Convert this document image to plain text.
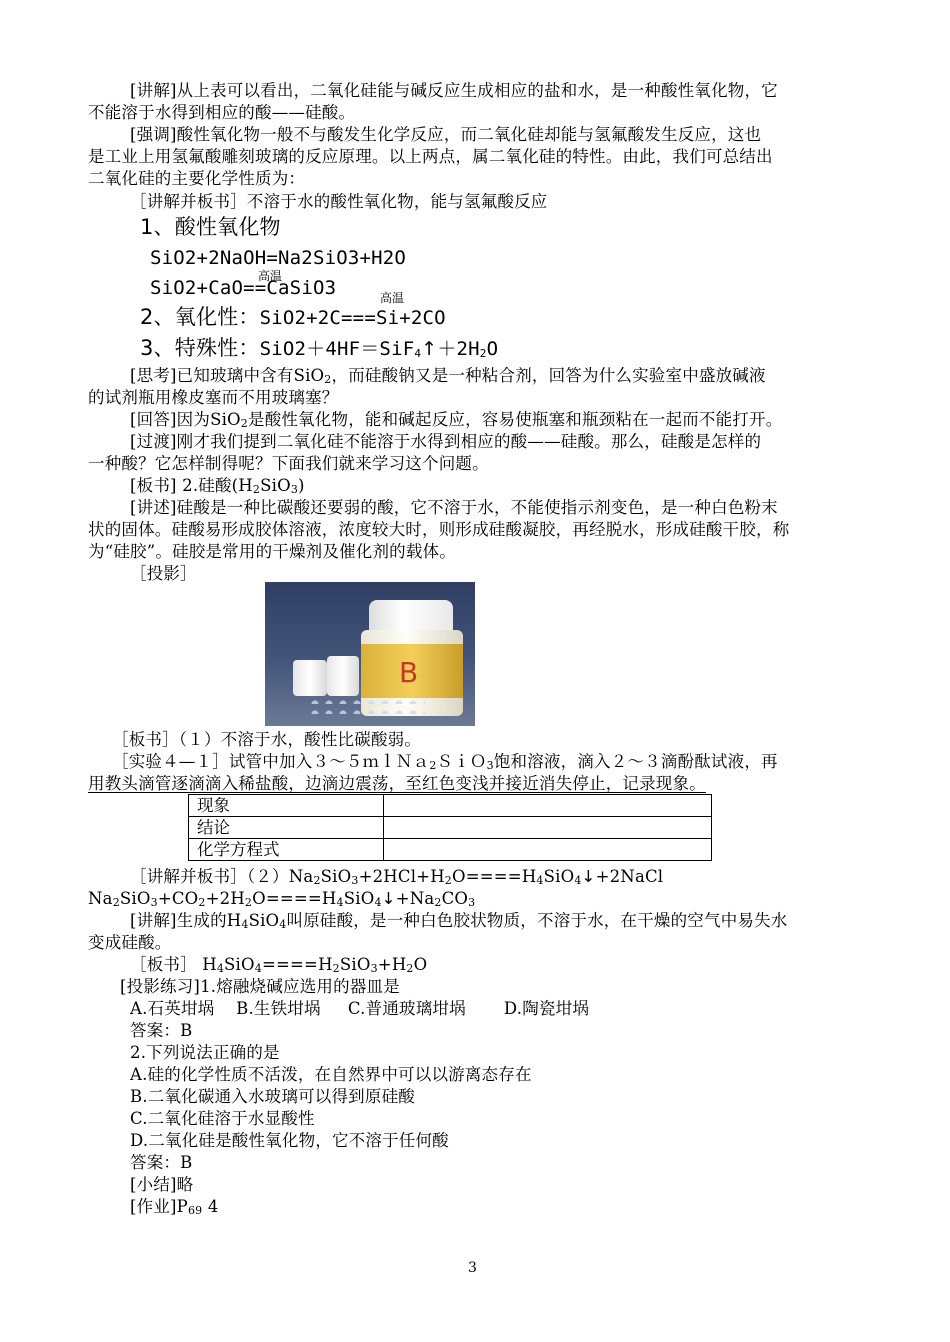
[讲解]从上表可以看出，二氧化硅能与碱反应生成相应的盐和水，是一种酸性氧化物，它
不能溶于水得到相应的酸——硅酸。
[强调]酸性氧化物一般不与酸发生化学反应，而二氧化硅却能与氢氟酸发生反应，这也
是工业上用氢氟酸雕刻玻璃的反应原理。以上两点，属二氧化硅的特性。由此，我们可总结出
二氧化硅的主要化学性质为：
［讲解并板书］不溶于水的酸性氧化物，能与氢氟酸反应
1、酸性氧化物
SiO2+2NaOH=Na2SiO3+H2O
高温
SiO2+CaO==CaSiO3	高温
2、氧化性：SiO2+2C===Si+2CO
3、特殊性：$SiO2+4HF=SiF_4↑+2H_2O$
[思考]已知玻璃中含有SiO$_2$，而硅酸钠又是一种粘合剂，回答为什么实验室中盛放碱液
的试剂瓶用橡皮塞而不用玻璃塞？
[回答]因为SiO$_2$是酸性氧化物，能和碱起反应，容易使瓶塞和瓶颈粘在一起而不能打开。
[过渡]刚才我们提到二氧化硅不能溶于水得到相应的酸——硅酸。那么，硅酸是怎样的
一种酸？它怎样制得呢？下面我们就来学习这个问题。
[板书] 2.硅酸$(H_2SiO_3)$
[讲述]硅酸是一种比碳酸还要弱的酸，它不溶于水，不能使指示剂变色，是一种白色粉末
状的固体。硅酸易形成胶体溶液，浓度较大时，则形成硅酸凝胶，再经脱水，形成硅酸干胶，称
为“硅胶”。硅胶是常用的干燥剂及催化剂的载体。
［投影］
B
［板书］（１）不溶于水，酸性比碳酸弱。
［实验４—１］试管中加入３～５ｍｌＮａ$_2$ＳｉＯ$_3$饱和溶液，滴入２～３滴酚酞试液，再
用教头滴管逐滴滴入稀盐酸，边滴边震荡，至红色变浅并接近消失停止，记录现象。
现象	
结论	
化学方程式	
［讲解并板书$](2)Na_2SiO_3+2HCl+H_2O====H_4SiO_4↓+2NaCl$
$Na_2SiO_3+CO_2+2H_2O====H_4SiO_4↓+Na_2CO_3$
[讲解]生成的$H_4SiO_4$叫原硅酸，是一种白色胶状物质，不溶于水，在干燥的空气中易失水
变成硅酸。
［板书］ $H_4SiO_4====H_2SiO_3+H_2O$
[投影练习]1.熔融烧碱应选用的器皿是
A.石英坩埚    B.生铁坩埚     C.普通玻璃坩埚       D.陶瓷坩埚
答案：B
2.下列说法正确的是
A.硅的化学性质不活泼，在自然界中可以以游离态存在
B.二氧化碳通入水玻璃可以得到原硅酸
C.二氧化硅溶于水显酸性
D.二氧化硅是酸性氧化物，它不溶于任何酸
答案：B
[小结]略
[作业]$P_{69}$ 4
3
